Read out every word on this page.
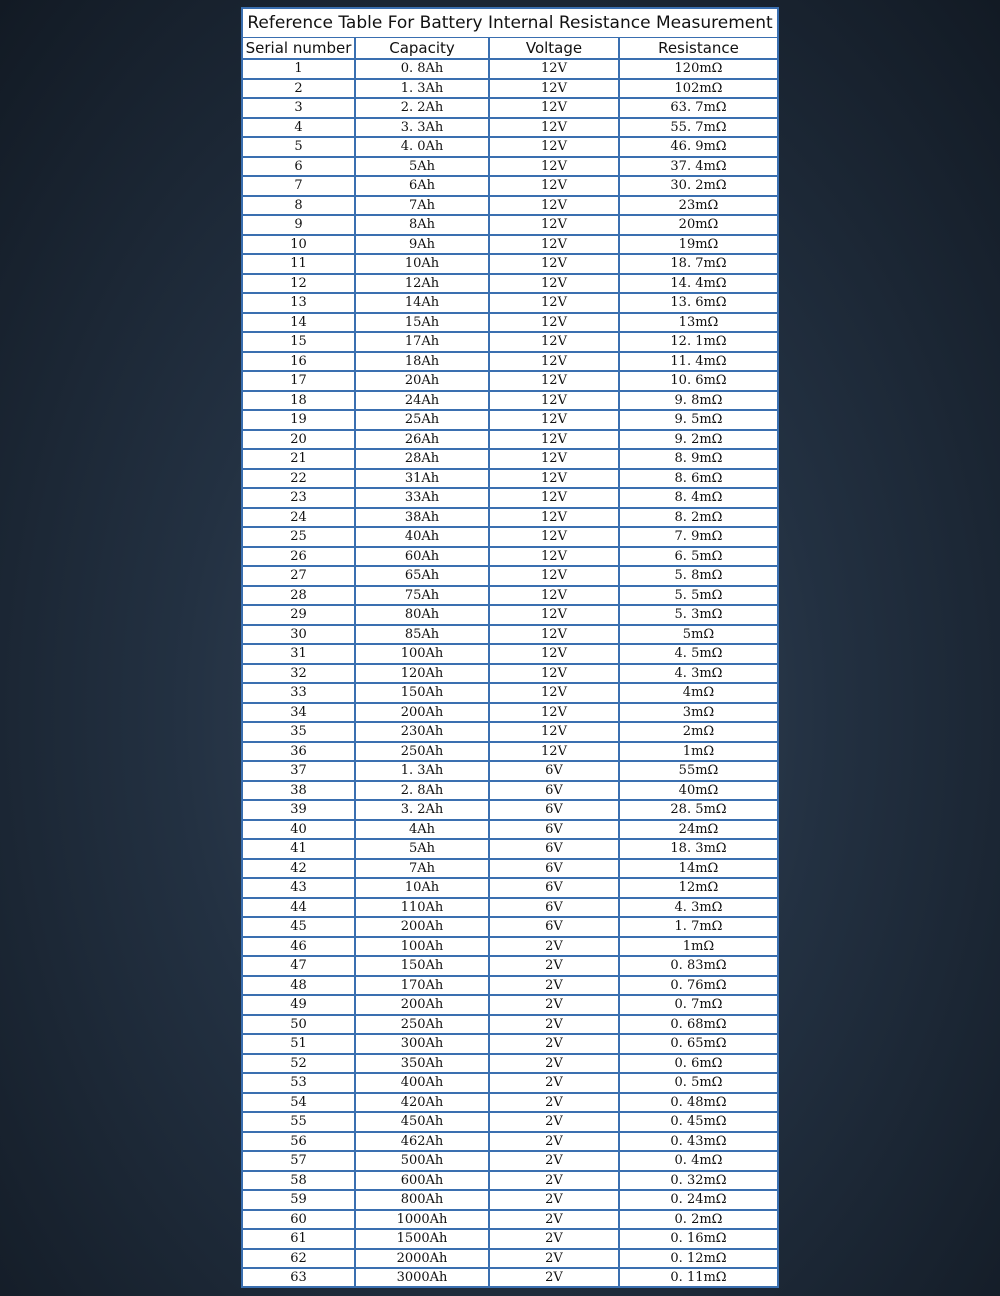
Reference Table For Battery Internal Resistance Measurement
Serial number	Capacity	Voltage	Resistance
1	0. 8Ah	12V	120mΩ
2	1. 3Ah	12V	102mΩ
3	2. 2Ah	12V	63. 7mΩ
4	3. 3Ah	12V	55. 7mΩ
5	4. 0Ah	12V	46. 9mΩ
6	5Ah	12V	37. 4mΩ
7	6Ah	12V	30. 2mΩ
8	7Ah	12V	23mΩ
9	8Ah	12V	20mΩ
10	9Ah	12V	19mΩ
11	10Ah	12V	18. 7mΩ
12	12Ah	12V	14. 4mΩ
13	14Ah	12V	13. 6mΩ
14	15Ah	12V	13mΩ
15	17Ah	12V	12. 1mΩ
16	18Ah	12V	11. 4mΩ
17	20Ah	12V	10. 6mΩ
18	24Ah	12V	9. 8mΩ
19	25Ah	12V	9. 5mΩ
20	26Ah	12V	9. 2mΩ
21	28Ah	12V	8. 9mΩ
22	31Ah	12V	8. 6mΩ
23	33Ah	12V	8. 4mΩ
24	38Ah	12V	8. 2mΩ
25	40Ah	12V	7. 9mΩ
26	60Ah	12V	6. 5mΩ
27	65Ah	12V	5. 8mΩ
28	75Ah	12V	5. 5mΩ
29	80Ah	12V	5. 3mΩ
30	85Ah	12V	5mΩ
31	100Ah	12V	4. 5mΩ
32	120Ah	12V	4. 3mΩ
33	150Ah	12V	4mΩ
34	200Ah	12V	3mΩ
35	230Ah	12V	2mΩ
36	250Ah	12V	1mΩ
37	1. 3Ah	6V	55mΩ
38	2. 8Ah	6V	40mΩ
39	3. 2Ah	6V	28. 5mΩ
40	4Ah	6V	24mΩ
41	5Ah	6V	18. 3mΩ
42	7Ah	6V	14mΩ
43	10Ah	6V	12mΩ
44	110Ah	6V	4. 3mΩ
45	200Ah	6V	1. 7mΩ
46	100Ah	2V	1mΩ
47	150Ah	2V	0. 83mΩ
48	170Ah	2V	0. 76mΩ
49	200Ah	2V	0. 7mΩ
50	250Ah	2V	0. 68mΩ
51	300Ah	2V	0. 65mΩ
52	350Ah	2V	0. 6mΩ
53	400Ah	2V	0. 5mΩ
54	420Ah	2V	0. 48mΩ
55	450Ah	2V	0. 45mΩ
56	462Ah	2V	0. 43mΩ
57	500Ah	2V	0. 4mΩ
58	600Ah	2V	0. 32mΩ
59	800Ah	2V	0. 24mΩ
60	1000Ah	2V	0. 2mΩ
61	1500Ah	2V	0. 16mΩ
62	2000Ah	2V	0. 12mΩ
63	3000Ah	2V	0. 11mΩ
